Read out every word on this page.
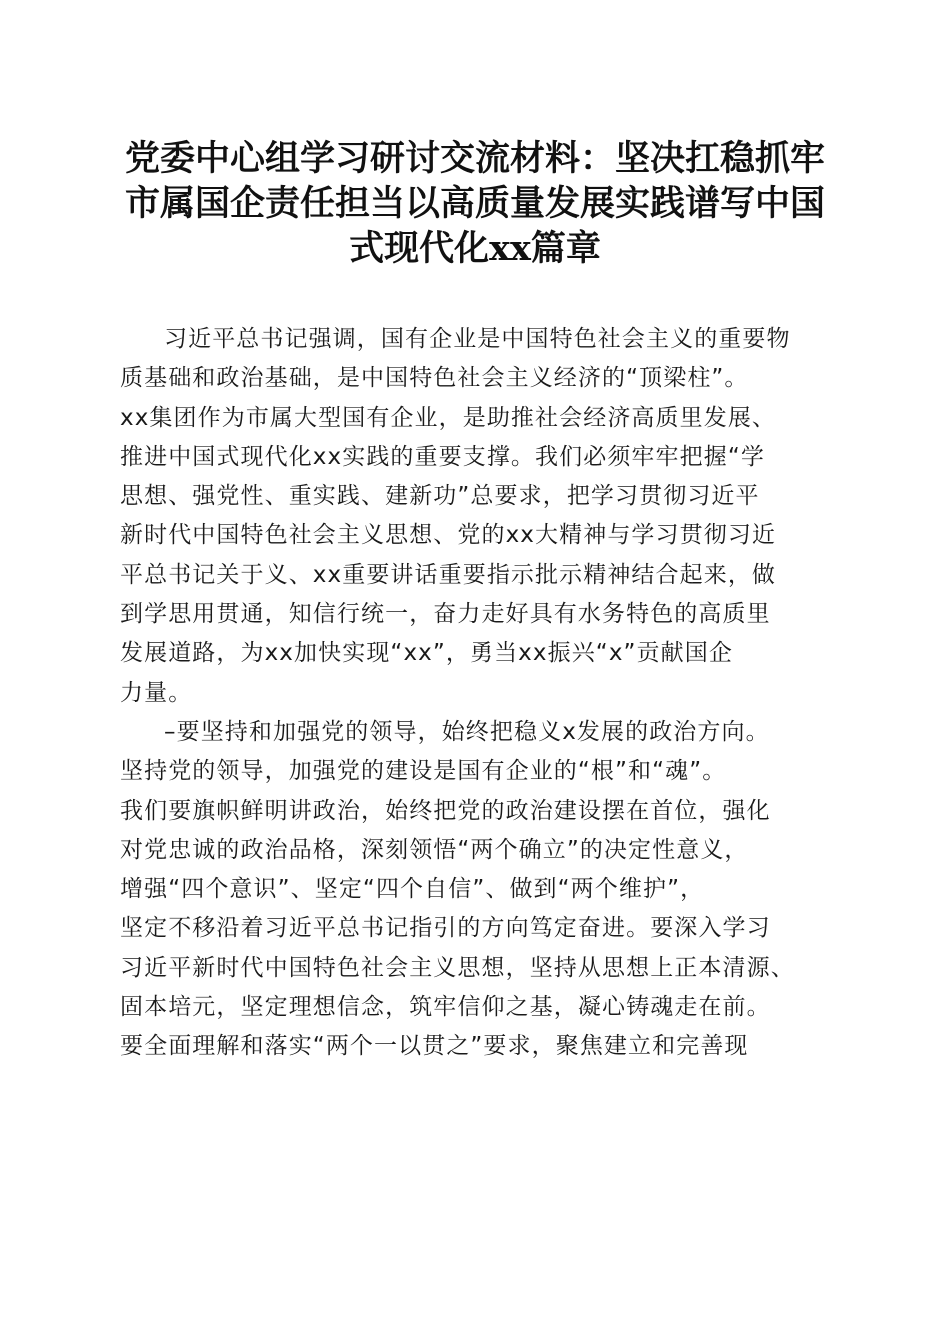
党委中心组学习研讨交流材料：坚决扛稳抓牢
市属国企责任担当以高质量发展实践谱写中国
式现代化xx篇章
习近平总书记强调，国有企业是中国特色社会主义的重要物
质基础和政治基础，是中国特色社会主义经济的“顶梁柱”。
xx集团作为市属大型国有企业，是助推社会经济高质里发展、
推进中国式现代化xx实践的重要支撑。我们必须牢牢把握“学
思想、强党性、重实践、建新功”总要求，把学习贯彻习近平
新时代中国特色社会主义思想、党的xx大精神与学习贯彻习近
平总书记关于义、xx重要讲话重要指示批示精神结合起来，做
到学思用贯通，知信行统一，奋力走好具有水务特色的高质里
发展道路，为xx加快实现“xx”，勇当xx振兴“x”贡献国企
力量。
–要坚持和加强党的领导，始终把稳义x发展的政治方向。
坚持党的领导，加强党的建设是国有企业的“根”和“魂”。
我们要旗帜鲜明讲政治，始终把党的政治建设摆在首位，强化
对党忠诚的政治品格，深刻领悟“两个确立”的决定性意义，
增强“四个意识”、坚定“四个自信”、做到“两个维护”，
坚定不移沿着习近平总书记指引的方向笃定奋进。要深入学习
习近平新时代中国特色社会主义思想，坚持从思想上正本清源、
固本培元，坚定理想信念，筑牢信仰之基，凝心铸魂走在前。
要全面理解和落实“两个一以贯之”要求，聚焦建立和完善现
